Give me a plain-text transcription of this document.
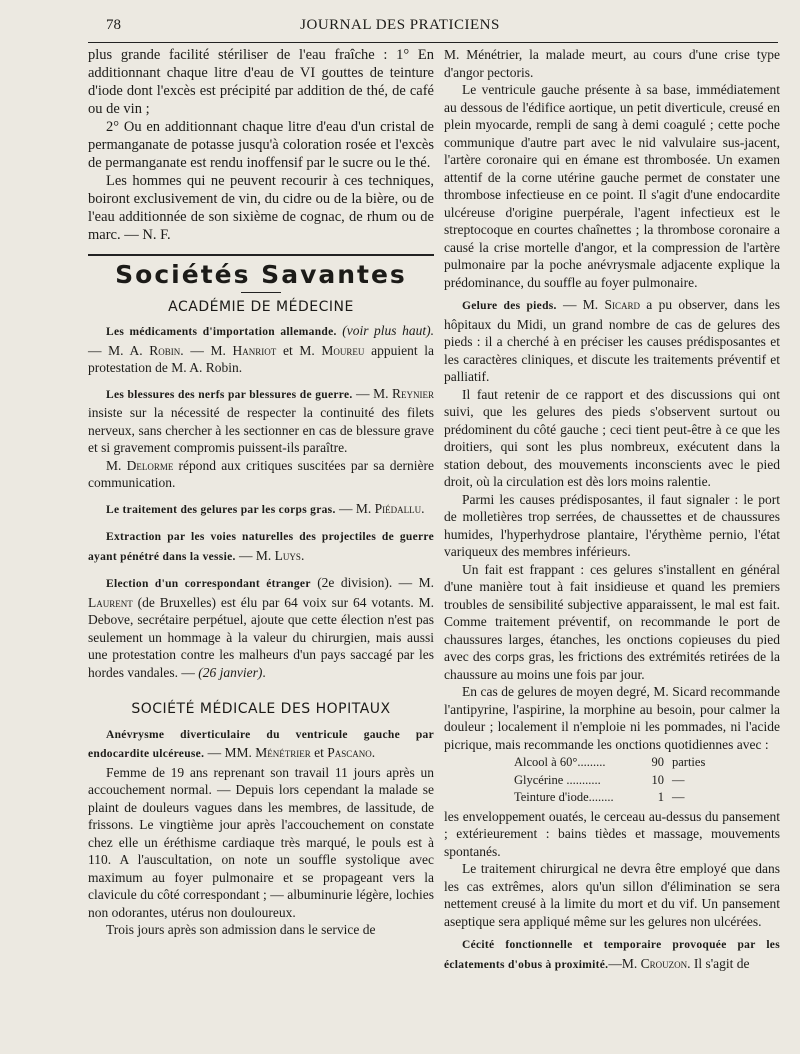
78	JOURNAL DES PRATICIENS

plus grande facilité stériliser de l'eau fraîche : 1° En additionnant chaque litre d'eau de VI gouttes de teinture d'iode dont l'excès est précipité par addition de thé, de café ou de vin ;

2° Ou en additionnant chaque litre d'eau d'un cristal de permanganate de potasse jusqu'à coloration rosée et l'excès de permanganate est rendu inoffensif par le sucre ou le thé.

Les hommes qui ne peuvent recourir à ces techniques, boiront exclusivement de vin, du cidre ou de la bière, ou de l'eau additionnée de son sixième de cognac, de rhum ou de marc. — N. F.

Sociétés Savantes
ACADÉMIE DE MÉDECINE

Les médicaments d'importation allemande. (voir plus haut). — M. A. Robin. — M. Hanriot et M. Moureu appuient la protestation de M. A. Robin.

Les blessures des nerfs par blessures de guerre. — M. Reynier insiste sur la nécessité de respecter la continuité des filets nerveux, sans chercher à les sectionner en cas de blessure grave et si gravement compromis puissent-ils paraître.

M. Delorme répond aux critiques suscitées par sa dernière communication.

Le traitement des gelures par les corps gras. — M. Piédallu.

Extraction par les voies naturelles des projectiles de guerre ayant pénétré dans la vessie. — M. Luys.

Election d'un correspondant étranger (2e division). — M. Laurent (de Bruxelles) est élu par 64 voix sur 64 votants. M. Debove, secrétaire perpétuel, ajoute que cette élection n'est pas seulement un hommage à la valeur du chirurgien, mais aussi une protestation contre les malheurs d'un pays saccagé par les hordes vandales. — (26 janvier).

SOCIÉTÉ MÉDICALE DES HOPITAUX

Anévrysme diverticulaire du ventricule gauche par endocardite ulcéreuse. — MM. Ménétrier et Pascano.

Femme de 19 ans reprenant son travail 11 jours après un accouchement normal. — Depuis lors cependant la malade se plaint de douleurs vagues dans les membres, de lassitude, de frissons. Le vingtième jour après l'accouchement on constate chez elle un éréthisme cardiaque très marqué, le pouls est à 110. A l'auscultation, on note un souffle systolique avec maximum au foyer pulmonaire et se propageant vers la clavicule du côté correspondant ; — albuminurie légère, lochies non odorantes, utérus non douloureux.

Trois jours après son admission dans le service de

M. Ménétrier, la malade meurt, au cours d'une crise type d'angor pectoris.

Le ventricule gauche présente à sa base, immédiatement au dessous de l'édifice aortique, un petit diverticule, creusé en plein myocarde, rempli de sang à demi coagulé ; cette poche communique d'autre part avec le nid valvulaire sus-jacent, l'artère coronaire qui en émane est thrombosée. Un examen attentif de la corne utérine gauche permet de constater une thrombose infectieuse en ce point. Il s'agit d'une endocardite ulcéreuse d'origine puerpérale, l'agent infectieux est le streptocoque en courtes chaînettes ; la thrombose coronaire a causé la crise mortelle d'angor, et la compression de l'artère pulmonaire par la poche anévrysmale adjacente explique la prédominance, du souffle au foyer pulmonaire.

Gelure des pieds. — M. Sicard a pu observer, dans les hôpitaux du Midi, un grand nombre de cas de gelures des pieds : il a cherché à en préciser les causes prédisposantes et les caractères cliniques, et discute les traitements préventif et palliatif.

Il faut retenir de ce rapport et des discussions qui ont suivi, que les gelures des pieds s'observent surtout ou prédominent du côté gauche ; ceci tient peut-être à ce que les droitiers, qui sont les plus nombreux, exécutent dans la station debout, des mouvements inconscients avec le pied droit, où la circulation est dès lors moins ralentie.

Parmi les causes prédisposantes, il faut signaler : le port de molletières trop serrées, de chaussettes et de chaussures humides, l'hyperhydrose plantaire, l'érythème pernio, l'état variqueux des membres inférieurs.

Un fait est frappant : ces gelures s'installent en général d'une manière tout à fait insidieuse et quand les premiers troubles de sensibilité subjective apparaissent, le mal est fait. Comme traitement préventif, on recommande le port de chaussures larges, étanches, les onctions copieuses du pied avec des corps gras, les frictions des extrémités retirées de la chaussure au moins une fois par jour.

En cas de gelures de moyen degré, M. Sicard recommande l'antipyrine, l'aspirine, la morphine au besoin, pour calmer la douleur ; localement il n'emploie ni les pommades, ni l'acide picrique, mais recommande les onctions quotidiennes avec :

Alcool à 60°.........	90 parties
Glycérine ...........	10 —
Teinture d'iode........	1 —

les enveloppement ouatés, le cerceau au-dessus du pansement ; extérieurement : bains tièdes et massage, mouvements spontanés.

Le traitement chirurgical ne devra être employé que dans les cas extrêmes, alors qu'un sillon d'élimination se sera nettement creusé à la limite du mort et du vif. Un pansement aseptique sera appliqué même sur les gelures non ulcérées.

Cécité fonctionnelle et temporaire provoquée par les éclatements d'obus à proximité.—M. Crouzon. Il s'agit de
